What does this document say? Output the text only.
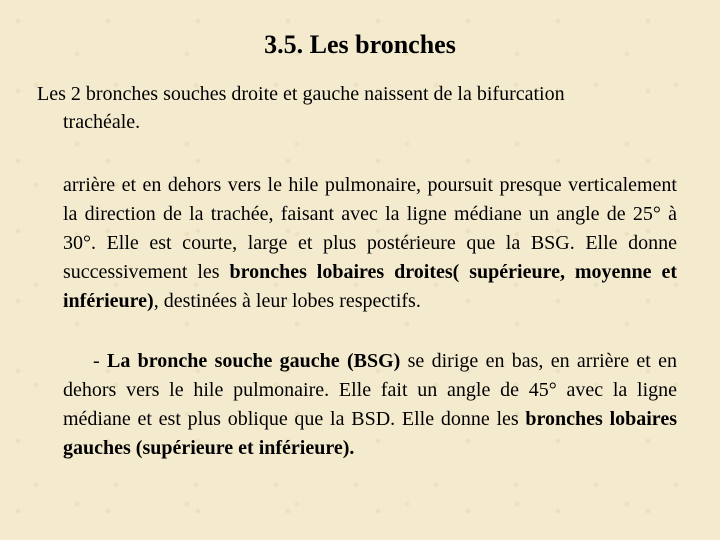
3.5. Les bronches
Les 2 bronches souches droite et gauche naissent de la bifurcation
trachéale.
arrière et en dehors vers le hile pulmonaire, poursuit presque verticalement la direction de la trachée, faisant avec la ligne médiane un angle de 25° à 30°. Elle est courte, large et plus postérieure que la BSG. Elle donne successivement les bronches lobaires droites( supérieure, moyenne et inférieure), destinées à leur lobes respectifs.
- La bronche souche gauche (BSG) se dirige en bas, en arrière et en dehors vers le hile pulmonaire. Elle fait un angle de 45° avec la ligne médiane et est plus oblique que la BSD. Elle donne les bronches lobaires gauches (supérieure et inférieure).
